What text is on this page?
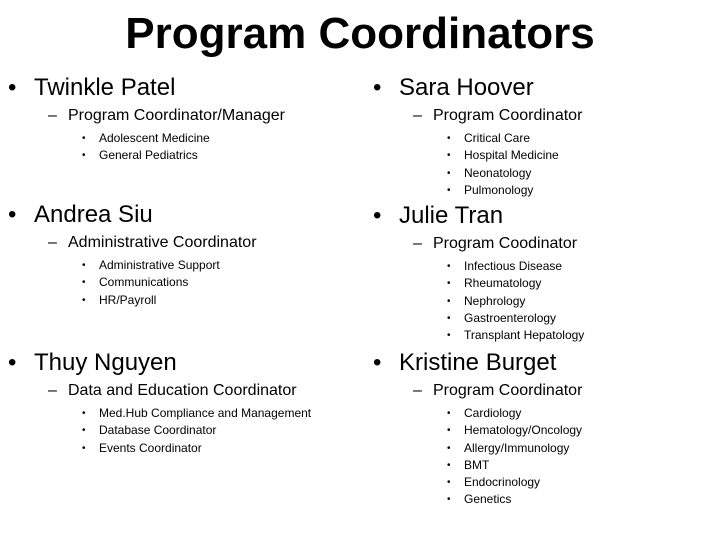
Program Coordinators
• Twinkle Patel
– Program Coordinator/Manager
• Adolescent Medicine
• General Pediatrics
• Sara Hoover
– Program Coordinator
• Critical Care
• Hospital Medicine
• Neonatology
• Pulmonology
• Andrea Siu
– Administrative Coordinator
• Administrative Support
• Communications
• HR/Payroll
• Julie Tran
– Program Coodinator
• Infectious Disease
• Rheumatology
• Nephrology
• Gastroenterology
• Transplant Hepatology
• Thuy Nguyen
– Data and Education Coordinator
• Med.Hub Compliance and Management
• Database Coordinator
• Events Coordinator
• Kristine Burget
– Program Coordinator
• Cardiology
• Hematology/Oncology
• Allergy/Immunology
• BMT
• Endocrinology
• Genetics
